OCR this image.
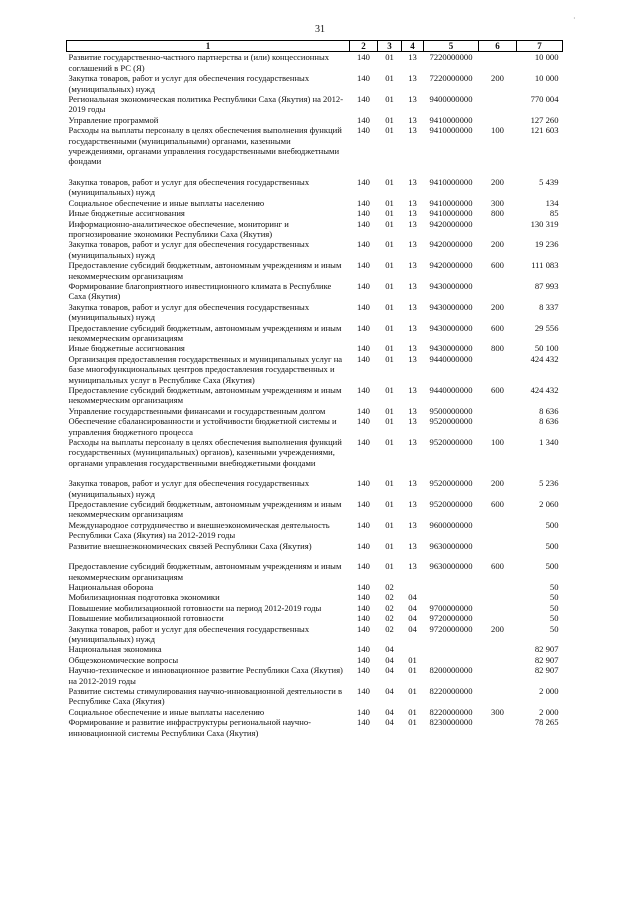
31
·
1	2	3	4	5	6	7
Развитие государственно-частного партнерства и (или) концессионных соглашений в РС (Я)	140	01	13	7220000000		10 000
Закупка товаров, работ и услуг для обеспечения государственных (муниципальных) нужд	140	01	13	7220000000	200	10 000
Региональная экономическая политика Республики Саха (Якутия) на 2012-2019 годы	140	01	13	9400000000		770 004
Управление программой	140	01	13	9410000000		127 260
Расходы на выплаты персоналу в целях обеспечения выполнения функций государственными (муниципальными) органами, казенными учреждениями, органами управления государственными внебюджетными фондами	140	01	13	9410000000	100	121 603

Закупка товаров, работ и услуг для обеспечения государственных (муниципальных) нужд	140	01	13	9410000000	200	5 439
Социальное обеспечение и иные выплаты населению	140	01	13	9410000000	300	134
Иные бюджетные ассигнования	140	01	13	9410000000	800	85
Информационно-аналитическое обеспечение, мониторинг и прогнозирование экономики Республики Саха (Якутия)	140	01	13	9420000000		130 319
Закупка товаров, работ и услуг для обеспечения государственных (муниципальных) нужд	140	01	13	9420000000	200	19 236
Предоставление субсидий бюджетным, автономным учреждениям и иным некоммерческим организациям	140	01	13	9420000000	600	111 083
Формирование благоприятного инвестиционного климата в Республике Саха (Якутия)	140	01	13	9430000000		87 993
Закупка товаров, работ и услуг для обеспечения государственных (муниципальных) нужд	140	01	13	9430000000	200	8 337
Предоставление субсидий бюджетным, автономным учреждениям и иным некоммерческим организациям	140	01	13	9430000000	600	29 556
Иные бюджетные ассигнования	140	01	13	9430000000	800	50 100
Организация предоставления государственных и муниципальных услуг на базе многофункциональных центров предоставления государственных и муниципальных услуг в Республике Саха (Якутия)	140	01	13	9440000000		424 432
Предоставление субсидий бюджетным, автономным учреждениям и иным некоммерческим организациям	140	01	13	9440000000	600	424 432
Управление государственными финансами и государственным долгом	140	01	13	9500000000		8 636
Обеспечение сбалансированности и устойчивости бюджетной системы и управления бюджетного процесса	140	01	13	9520000000		8 636
Расходы на выплаты персоналу в целях обеспечения выполнения функций государственных (муниципальных) органов), казенными учреждениями, органами управления государственными внебюджетными фондами	140	01	13	9520000000	100	1 340

Закупка товаров, работ и услуг для обеспечения государственных (муниципальных) нужд	140	01	13	9520000000	200	5 236
Предоставление субсидий бюджетным, автономным учреждениям и иным некоммерческим организациям	140	01	13	9520000000	600	2 060
Международное сотрудничество и внешнеэкономическая деятельность Республики Саха (Якутия) на 2012-2019 годы	140	01	13	9600000000		500
Развитие внешнеэкономических связей Республики Саха (Якутия)	140	01	13	9630000000		500

Предоставление субсидий бюджетным, автономным учреждениям и иным некоммерческим организациям	140	01	13	9630000000	600	500
Национальная оборона	140	02				50
Мобилизационная подготовка экономики	140	02	04			50
Повышение мобилизационной готовности на период 2012-2019 годы	140	02	04	9700000000		50
Повышение мобилизационной готовности	140	02	04	9720000000		50
Закупка товаров, работ и услуг для обеспечения государственных (муниципальных) нужд	140	02	04	9720000000	200	50
Национальная экономика	140	04				82 907
Общеэкономические вопросы	140	04	01			82 907
Научно-техническое и инновационное развитие Республики Саха (Якутия) на 2012-2019 годы	140	04	01	8200000000		82 907
Развитие системы стимулирования научно-инновационной деятельности в Республике Саха (Якутия)	140	04	01	8220000000		2 000
Социальное обеспечение и иные выплаты населению	140	04	01	8220000000	300	2 000
Формирование и развитие инфраструктуры региональной научно-инновационной системы Республики Саха (Якутия)	140	04	01	8230000000		78 265
